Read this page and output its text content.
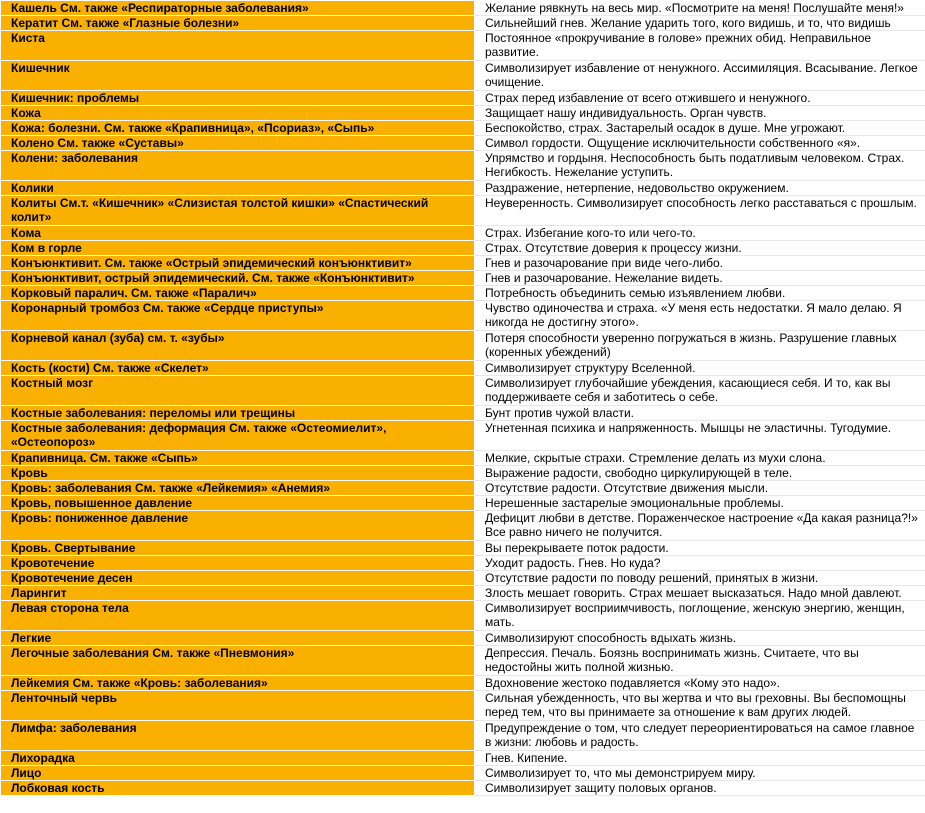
Кашель См. также «Респираторные заболевания»	Желание рявкнуть на весь мир. «Посмотрите на меня! Послушайте меня!»
Кератит См. также «Глазные болезни»	Сильнейший гнев. Желание ударить того, кого видишь, и то, что видишь
Киста	Постоянное «прокручивание в голове» прежних обид. Неправильное развитие.
Кишечник	Символизирует избавление от ненужного. Ассимиляция. Всасывание. Легкое очищение.
Кишечник: проблемы	Страх перед избавление от всего отжившего и ненужного.
Кожа	Защищает нашу индивидуальность. Орган чувств.
Кожа: болезни. См. также «Крапивница», «Псориаз», «Сыпь»	Беспокойство, страх. Застарелый осадок в душе. Мне угрожают.
Колено См. также «Суставы»	Символ гордости. Ощущение исключительности собственного «я».
Колени: заболевания	Упрямство и гордыня. Неспособность быть податливым человеком. Страх. Негибкость. Нежелание уступить.
Колики	Раздражение, нетерпение, недовольство окружением.
Колиты См.т. «Кишечник» «Слизистая толстой кишки» «Спастический колит»	Неуверенность. Символизирует способность легко расставаться с прошлым.
Кома	Страх. Избегание кого-то или чего-то.
Ком в горле	Страх. Отсутствие доверия к процессу жизни.
Конъюнктивит. См. также «Острый эпидемический конъюнктивит»	Гнев и разочарование при виде чего-либо.
Конъюнктивит, острый эпидемический. См. также «Конъюнктивит»	Гнев и разочарование. Нежелание видеть.
Корковый паралич. См. также «Паралич»	Потребность объединить семью изъявлением любви.
Коронарный тромбоз См. также «Сердце приступы»	Чувство одиночества и страха. «У меня есть недостатки. Я мало делаю. Я никогда не достигну этого».
Корневой канал (зуба) см. т. «зубы»	Потеря способности уверенно погружаться в жизнь. Разрушение главных (коренных убеждений)
Кость (кости) См. также «Скелет»	Символизирует структуру Вселенной.
Костный мозг	Символизирует глубочайшие убеждения, касающиеся себя. И то, как вы поддерживаете себя и заботитесь о себе.
Костные заболевания: переломы или трещины	Бунт против чужой власти.
Костные заболевания: деформация См. также «Остеомиелит», «Остеопороз»	Угнетенная психика и напряженность. Мышцы не эластичны. Тугодумие.
Крапивница. См. также «Сыпь»	Мелкие, скрытые страхи. Стремление делать из мухи слона.
Кровь	Выражение радости, свободно циркулирующей в теле.
Кровь: заболевания См. также «Лейкемия» «Анемия»	Отсутствие радости. Отсутствие движения мысли.
Кровь, повышенное давление	Нерешенные застарелые эмоциональные проблемы.
Кровь: пониженное давление	Дефицит любви в детстве. Пораженческое настроение «Да какая разница?!» Все равно ничего не получится.
Кровь. Свертывание	Вы перекрываете поток радости.
Кровотечение	Уходит радость. Гнев. Но куда?
Кровотечение десен	Отсутствие радости по поводу решений, принятых в жизни.
Ларингит	Злость мешает говорить. Страх мешает высказаться. Надо мной давлеют.
Левая сторона тела	Символизирует восприимчивость, поглощение, женскую энергию, женщин, мать.
Легкие	Символизируют способность вдыхать жизнь.
Легочные заболевания См. также «Пневмония»	Депрессия. Печаль. Боязнь воспринимать жизнь. Считаете, что вы недостойны жить полной жизнью.
Лейкемия См. также «Кровь: заболевания»	Вдохновение жестоко подавляется «Кому это надо».
Ленточный червь	Сильная убежденность, что вы жертва и что вы греховны. Вы беспомощны перед тем, что вы принимаете за отношение к вам других людей.
Лимфа: заболевания	Предупреждение о том, что следует переориентироваться на самое главное в жизни: любовь и радость.
Лихорадка	Гнев. Кипение.
Лицо	Символизирует то, что мы демонстрируем миру.
Лобковая кость	Символизирует защиту половых органов.
